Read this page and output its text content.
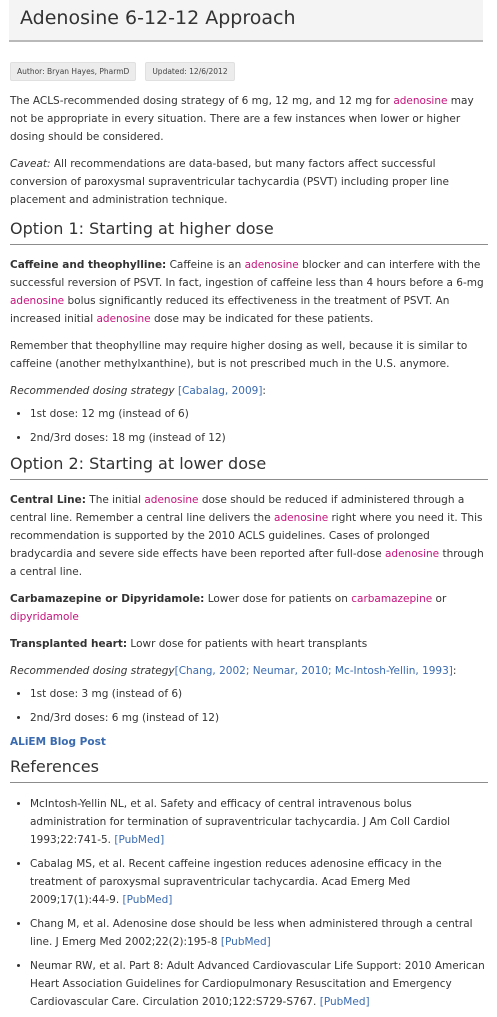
Adenosine 6-12-12 Approach
Author: Bryan Hayes, PharmD	Updated: 12/6/2012

The ACLS-recommended dosing strategy of 6 mg, 12 mg, and 12 mg for adenosine may not be appropriate in every situation. There are a few instances when lower or higher dosing should be considered.

Caveat: All recommendations are data-based, but many factors affect successful conversion of paroxysmal supraventricular tachycardia (PSVT) including proper line placement and administration technique.

Option 1: Starting at higher dose

Caffeine and theophylline: Caffeine is an adenosine blocker and can interfere with the successful reversion of PSVT. In fact, ingestion of caffeine less than 4 hours before a 6-mg adenosine bolus significantly reduced its effectiveness in the treatment of PSVT. An increased initial adenosine dose may be indicated for these patients.

Remember that theophylline may require higher dosing as well, because it is similar to caffeine (another methylxanthine), but is not prescribed much in the U.S. anymore.

Recommended dosing strategy [Cabalag, 2009]:

• 1st dose: 12 mg (instead of 6)
• 2nd/3rd doses: 18 mg (instead of 12)
Option 2: Starting at lower dose

Central Line: The initial adenosine dose should be reduced if administered through a central line. Remember a central line delivers the adenosine right where you need it. This recommendation is supported by the 2010 ACLS guidelines. Cases of prolonged bradycardia and severe side effects have been reported after full-dose adenosine through a central line.

Carbamazepine or Dipyridamole: Lower dose for patients on carbamazepine or dipyridamole

Transplanted heart: Lowr dose for patients with heart transplants

Recommended dosing strategy[Chang, 2002; Neumar, 2010; Mc-Intosh-Yellin, 1993]:

• 1st dose: 3 mg (instead of 6)
• 2nd/3rd doses: 6 mg (instead of 12)

ALiEM Blog Post

References
• McIntosh-Yellin NL, et al. Safety and efficacy of central intravenous bolus administration for termination of supraventricular tachycardia. J Am Coll Cardiol 1993;22:741-5. [PubMed]
• Cabalag MS, et al. Recent caffeine ingestion reduces adenosine efficacy in the treatment of paroxysmal supraventricular tachycardia. Acad Emerg Med 2009;17(1):44-9. [PubMed]
• Chang M, et al. Adenosine dose should be less when administered through a central line. J Emerg Med 2002;22(2):195-8 [PubMed]
• Neumar RW, et al. Part 8: Adult Advanced Cardiovascular Life Support: 2010 American Heart Association Guidelines for Cardiopulmonary Resuscitation and Emergency Cardiovascular Care. Circulation 2010;122:S729-S767. [PubMed]
